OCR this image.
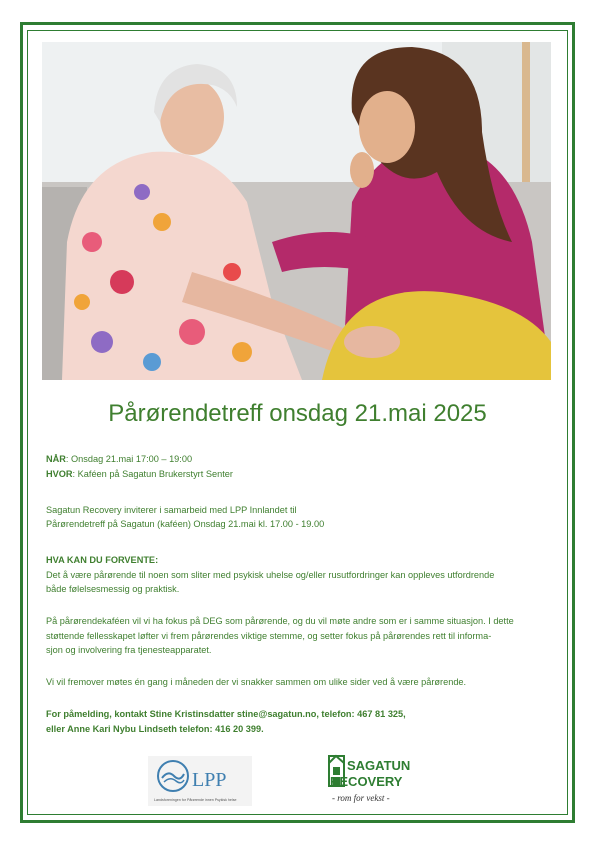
Pårørendetreff onsdag 21.mai 2025

NÅR: Onsdag 21.mai 17:00 – 19:00

HVOR: Kaféen på Sagatun Brukerstyrt Senter

Sagatun Recovery inviterer i samarbeid med LPP Innlandet til

Pårørendetreff på Sagatun (kaféen) Onsdag 21.mai kl. 17.00 - 19.00

HVA KAN DU FORVENTE:

Det å være pårørende til noen som sliter med psykisk uhelse og/eller rusutfordringer kan oppleves utfordrende

både følelsesmessig og praktisk.

På pårørendekaféen vil vi ha fokus på DEG som pårørende, og du vil møte andre som er i samme situasjon. I dette

støttende fellesskapet løfter vi frem pårørendes viktige stemme, og setter fokus på pårørendes rett til informa-

sjon og involvering fra tjenesteapparatet.

Vi vil fremover møtes én gang i måneden der vi snakker sammen om ulike sider ved å være pårørende.

For påmelding, kontakt Stine Kristinsdatter stine@sagatun.no, telefon: 467 81 325,

eller Anne Kari Nybu Lindseth telefon: 416 20 399.

LPP
Landsforeningen for Pårørende innen Psykisk helse
SAGATUN
RECOVERY
- rom for vekst -
